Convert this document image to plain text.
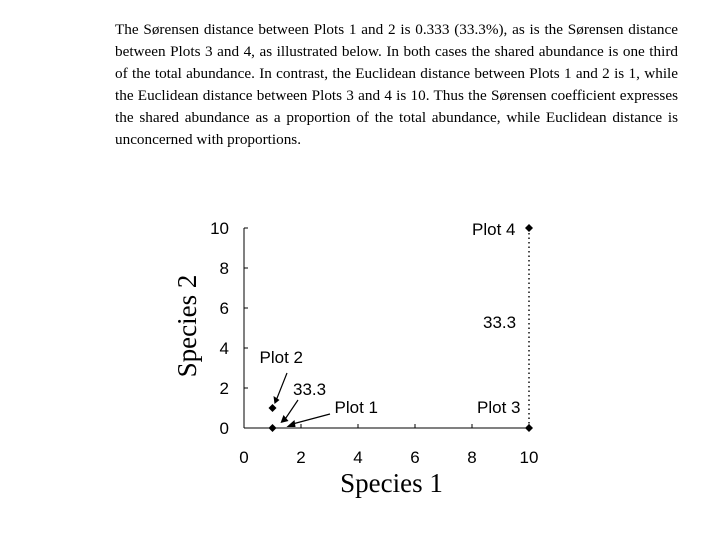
The Sørensen distance between Plots 1 and 2 is 0.333 (33.3%), as is the Sørensen distance between Plots 3 and 4, as illustrated below. In both cases the shared abundance is one third of the total abundance. In contrast, the Euclidean distance between Plots 1 and 2 is 1, while the Euclidean distance between Plots 3 and 4 is 10. Thus the Sørensen coefficient expresses the shared abundance as a proportion of the total abundance, while Euclidean distance is unconcerned with proportions.

0
2
4
6
8
10
0	2	4	6	8	10
Species 1
Species 2
Plot 1
Plot 2
Plot 3
Plot 4
33.3
33.3
